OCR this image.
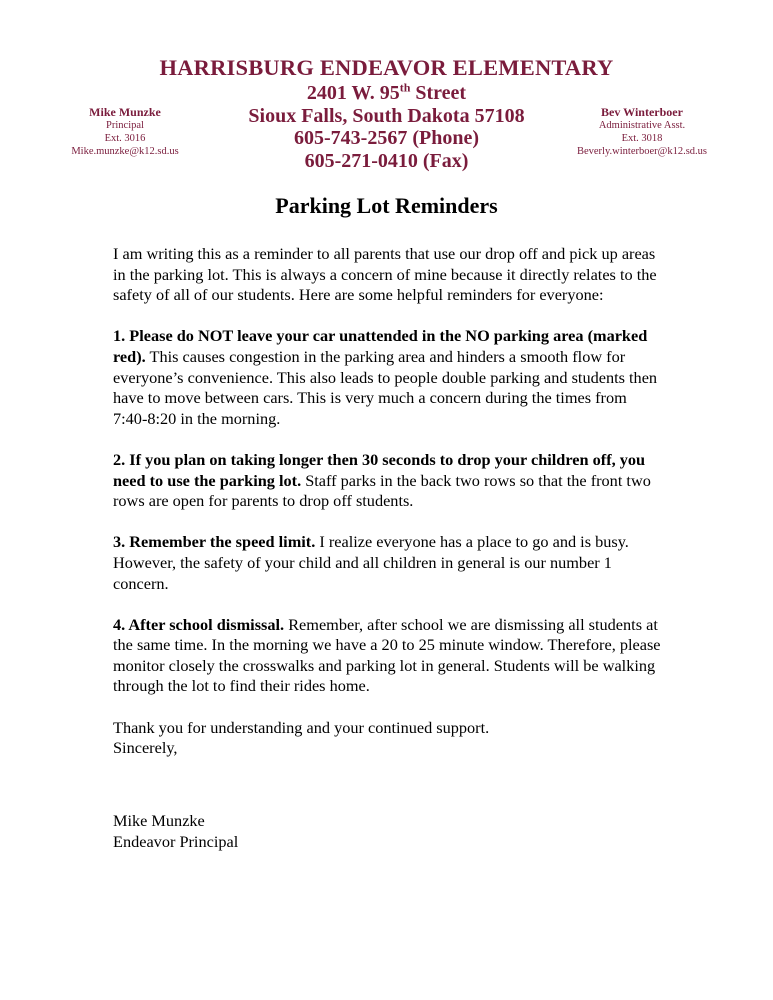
HARRISBURG ENDEAVOR ELEMENTARY
2401 W. 95th Street
Sioux Falls, South Dakota 57108
605-743-2567 (Phone)
605-271-0410 (Fax)
Mike Munzke
Principal
Ext. 3016
Mike.munzke@k12.sd.us
Bev Winterboer
Administrative Asst.
Ext. 3018
Beverly.winterboer@k12.sd.us
Parking Lot Reminders

I am writing this as a reminder to all parents that use our drop off and pick up areas in the parking lot. This is always a concern of mine because it directly relates to the safety of all of our students. Here are some helpful reminders for everyone:

1. Please do NOT leave your car unattended in the NO parking area (marked red). This causes congestion in the parking area and hinders a smooth flow for everyone’s convenience. This also leads to people double parking and students then have to move between cars. This is very much a concern during the times from 7:40-8:20 in the morning.

2. If you plan on taking longer then 30 seconds to drop your children off, you need to use the parking lot. Staff parks in the back two rows so that the front two rows are open for parents to drop off students.

3. Remember the speed limit. I realize everyone has a place to go and is busy. However, the safety of your child and all children in general is our number 1 concern.

4. After school dismissal. Remember, after school we are dismissing all students at the same time. In the morning we have a 20 to 25 minute window. Therefore, please monitor closely the crosswalks and parking lot in general. Students will be walking through the lot to find their rides home.

Thank you for understanding and your continued support.

Sincerely,

Mike Munzke
Endeavor Principal
